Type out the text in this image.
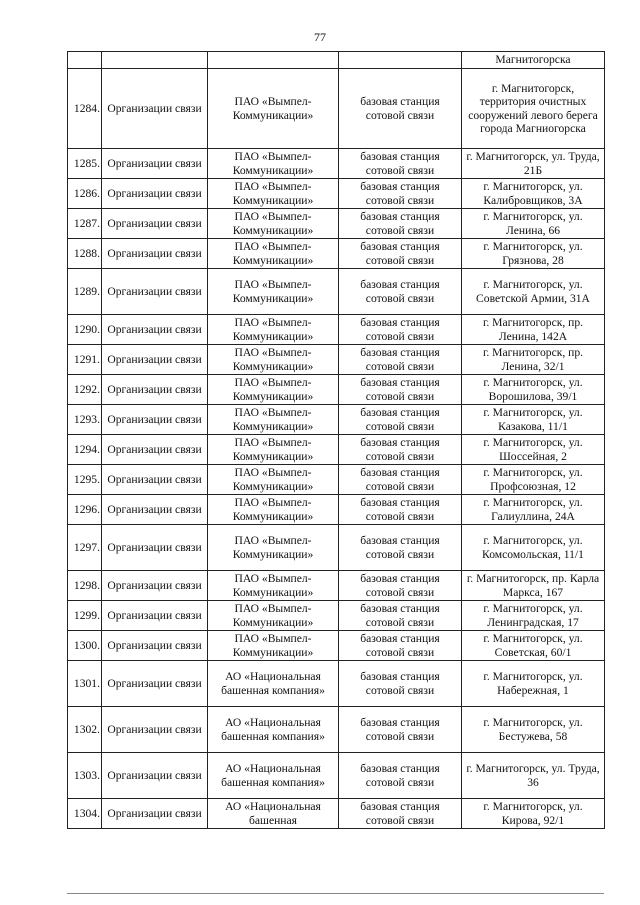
77
				Магнитогорска
1284.	Организации связи	ПАО «Вымпел-Коммуникации»	базовая станция сотовой связи	г. Магнитогорск, территория очистных сооружений левого берега города Магниогорска
1285.	Организации связи	ПАО «Вымпел-Коммуникации»	базовая станция сотовой связи	г. Магнитогорск, ул. Труда, 21Б
1286.	Организации связи	ПАО «Вымпел-Коммуникации»	базовая станция сотовой связи	г. Магнитогорск, ул. Калибровщиков, 3А
1287.	Организации связи	ПАО «Вымпел-Коммуникации»	базовая станция сотовой связи	г. Магнитогорск, ул. Ленина, 66
1288.	Организации связи	ПАО «Вымпел-Коммуникации»	базовая станция сотовой связи	г. Магнитогорск, ул. Грязнова, 28
1289.	Организации связи	ПАО «Вымпел-Коммуникации»	базовая станция сотовой связи	г. Магнитогорск, ул. Советской Армии, 31А
1290.	Организации связи	ПАО «Вымпел-Коммуникации»	базовая станция сотовой связи	г. Магнитогорск, пр. Ленина, 142А
1291.	Организации связи	ПАО «Вымпел-Коммуникации»	базовая станция сотовой связи	г. Магнитогорск, пр. Ленина, 32/1
1292.	Организации связи	ПАО «Вымпел-Коммуникации»	базовая станция сотовой связи	г. Магнитогорск, ул. Ворошилова, 39/1
1293.	Организации связи	ПАО «Вымпел-Коммуникации»	базовая станция сотовой связи	г. Магнитогорск, ул. Казакова, 11/1
1294.	Организации связи	ПАО «Вымпел-Коммуникации»	базовая станция сотовой связи	г. Магнитогорск, ул. Шоссейная, 2
1295.	Организации связи	ПАО «Вымпел-Коммуникации»	базовая станция сотовой связи	г. Магнитогорск, ул. Профсоюзная, 12
1296.	Организации связи	ПАО «Вымпел-Коммуникации»	базовая станция сотовой связи	г. Магнитогорск, ул. Галиуллина, 24А
1297.	Организации связи	ПАО «Вымпел-Коммуникации»	базовая станция сотовой связи	г. Магнитогорск, ул. Комсомольская, 11/1
1298.	Организации связи	ПАО «Вымпел-Коммуникации»	базовая станция сотовой связи	г. Магнитогорск, пр. Карла Маркса, 167
1299.	Организации связи	ПАО «Вымпел-Коммуникации»	базовая станция сотовой связи	г. Магнитогорск, ул. Ленинградская, 17
1300.	Организации связи	ПАО «Вымпел-Коммуникации»	базовая станция сотовой связи	г. Магнитогорск, ул. Советская, 60/1
1301.	Организации связи	АО «Национальная башенная компания»	базовая станция сотовой связи	г. Магнитогорск, ул. Набережная, 1
1302.	Организации связи	АО «Национальная башенная компания»	базовая станция сотовой связи	г. Магнитогорск, ул. Бестужева, 58
1303.	Организации связи	АО «Национальная башенная компания»	базовая станция сотовой связи	г. Магнитогорск, ул. Труда, 36
1304.	Организации связи	АО «Национальная башенная	базовая станция сотовой связи	г. Магнитогорск, ул. Кирова, 92/1
